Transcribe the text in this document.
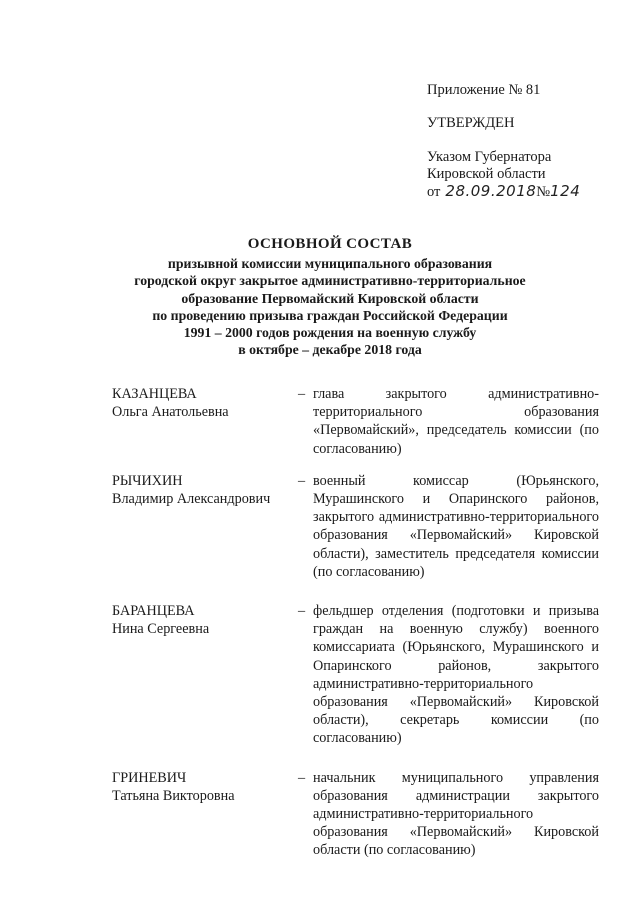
Приложение № 81
УТВЕРЖДЕН
Указом Губернатора
Кировской области
от 28.09.2018№124
ОСНОВНОЙ СОСТАВ
призывной комиссии муниципального образования
городской округ закрытое административно-территориальное
образование Первомайский Кировской области
по проведению призыва граждан Российской Федерации
1991 – 2000 годов рождения на военную службу
в октябре – декабре 2018 года
КАЗАНЦЕВА
Ольга Анатольевна
– глава закрытого административно-территориального образования «Первомайский», председатель комиссии (по согласованию)
РЫЧИХИН
Владимир Александрович
– военный комиссар (Юрьянского, Мурашинского и Опаринского районов, закрытого административно-территориального образования «Первомайский» Кировской области), заместитель председателя комиссии (по согласованию)
БАРАНЦЕВА
Нина Сергеевна
– фельдшер отделения (подготовки и призыва граждан на военную службу) военного комиссариата (Юрьянского, Мурашинского и Опаринского районов, закрытого административно-территориального образования «Первомайский» Кировской области), секретарь комиссии (по согласованию)
ГРИНЕВИЧ
Татьяна Викторовна
– начальник муниципального управления образования администрации закрытого административно-территориального образования «Первомайский» Кировской области (по согласованию)
